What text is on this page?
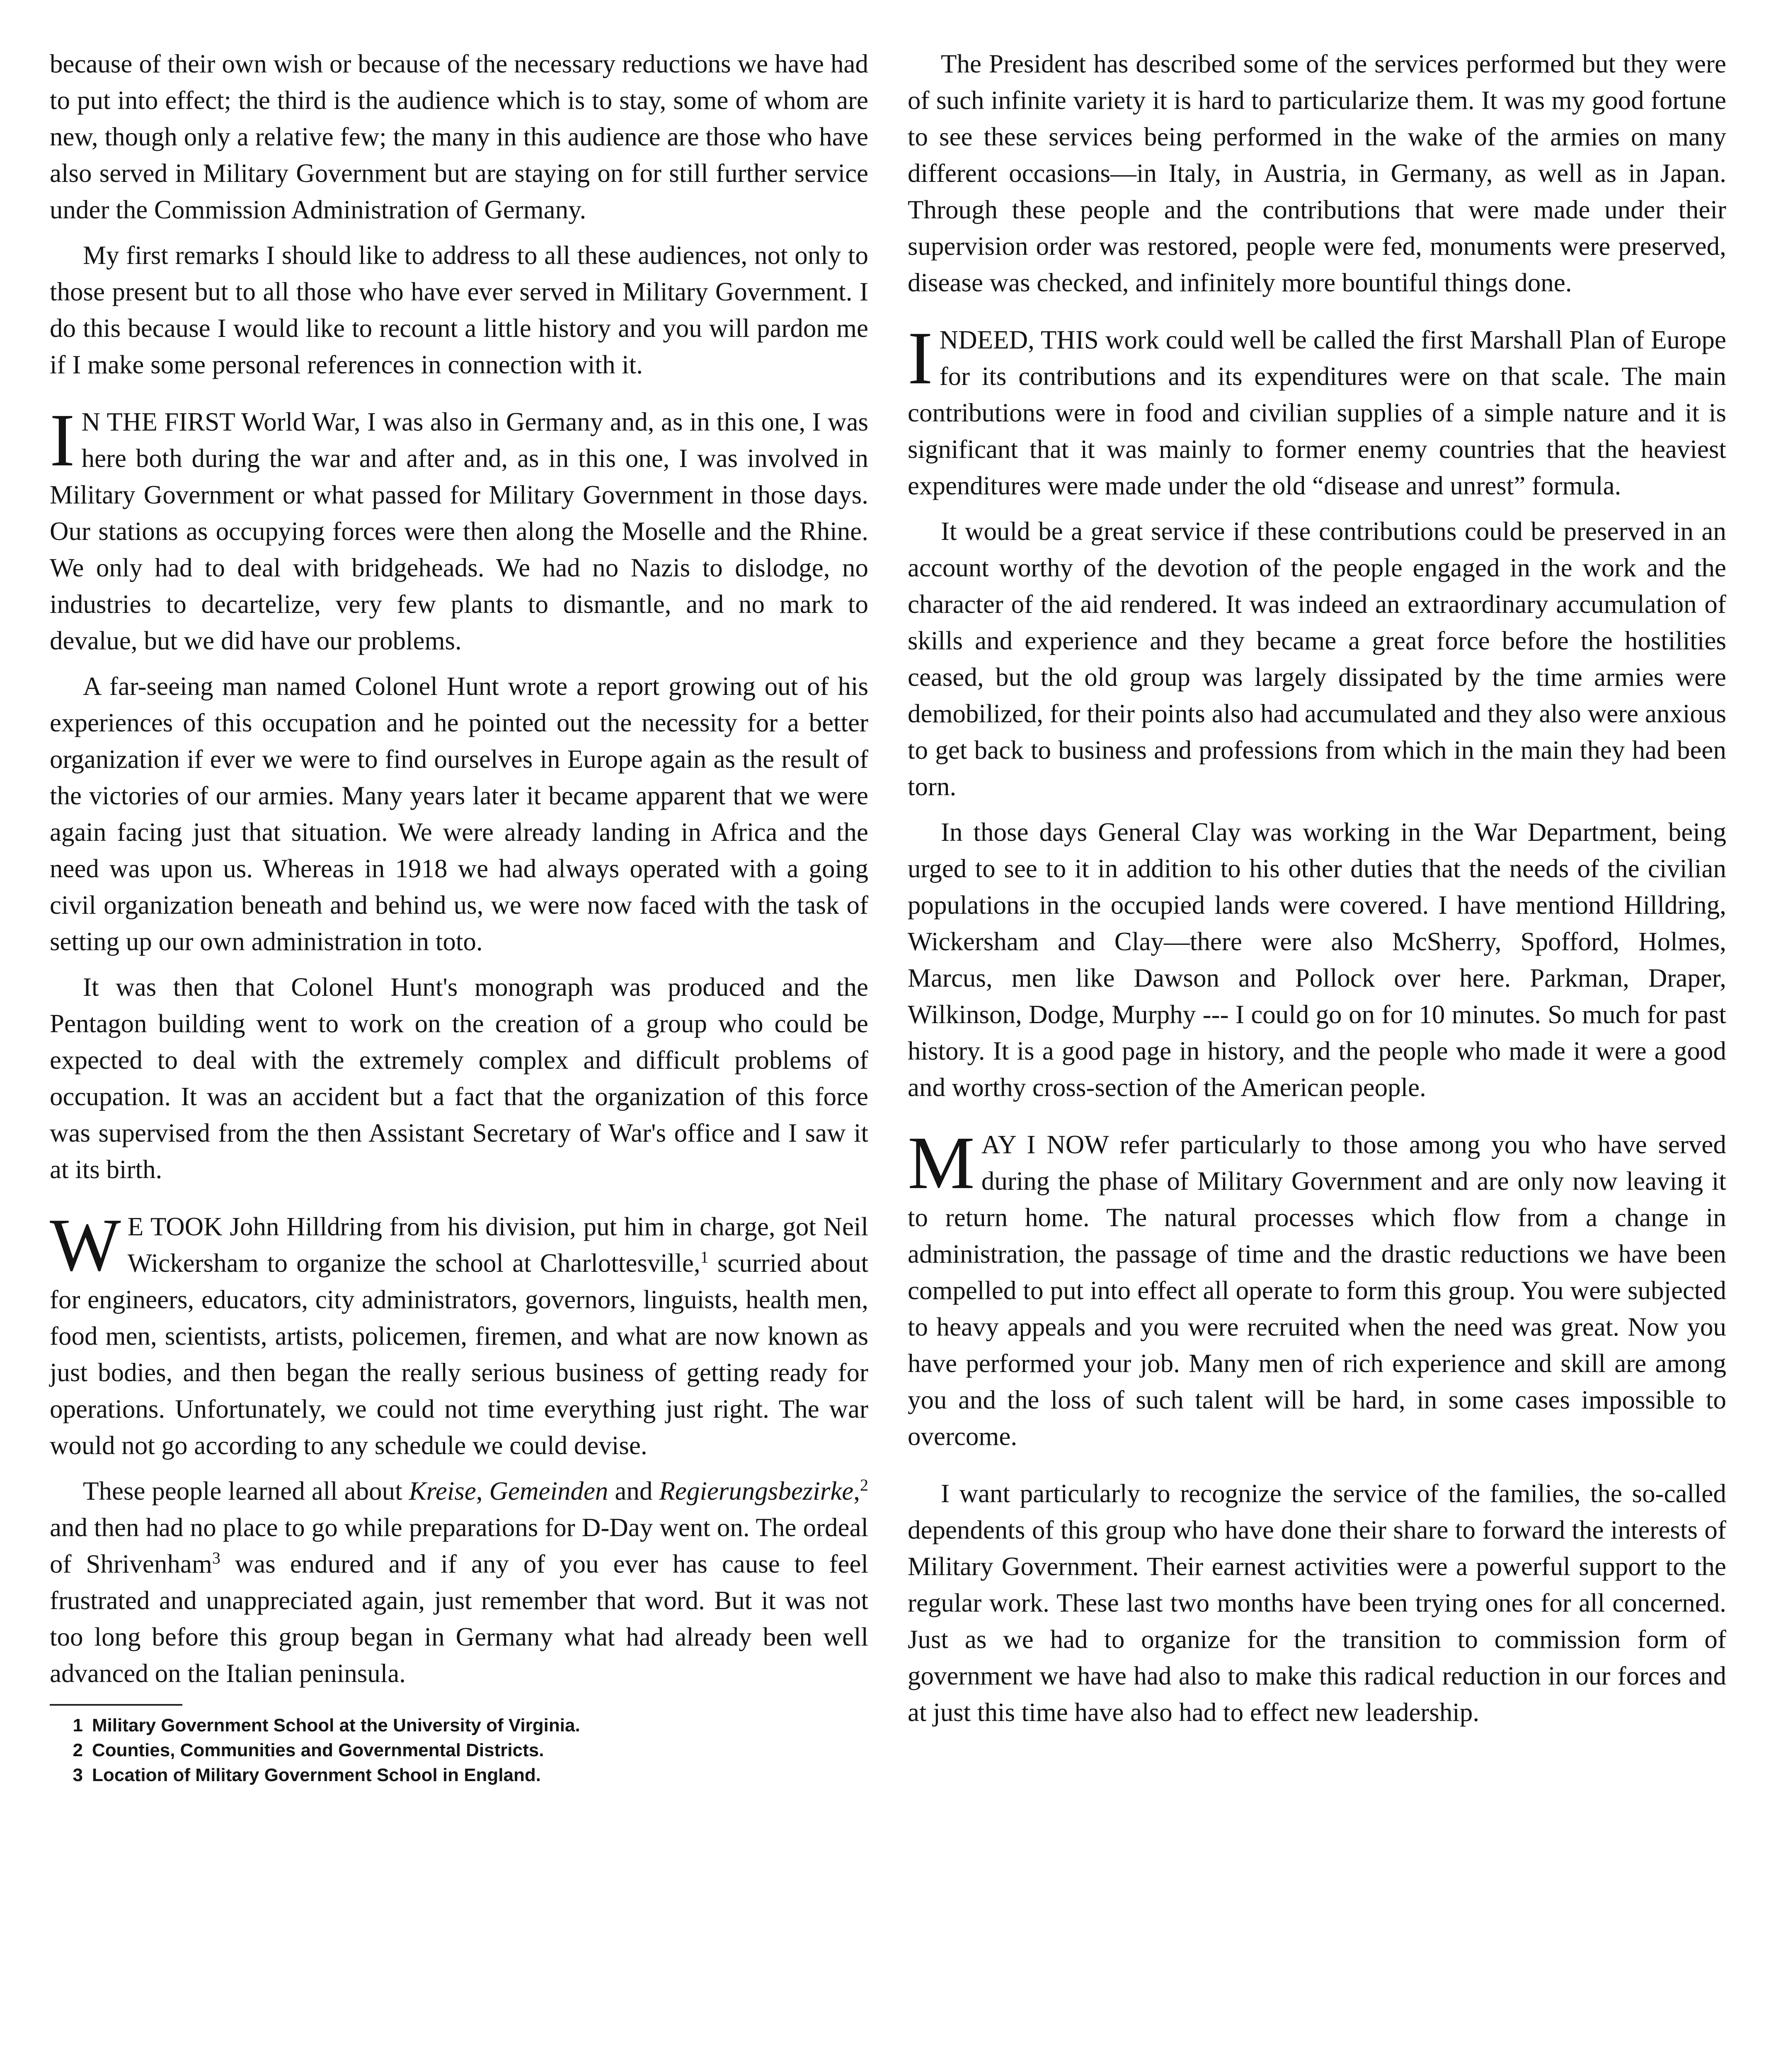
because of their own wish or because of the necessary reductions we have had to put into effect; the third is the audience which is to stay, some of whom are new, though only a relative few; the many in this audience are those who have also served in Military Government but are staying on for still further service under the Commission Administration of Germany.

My first remarks I should like to address to all these audiences, not only to those present but to all those who have ever served in Military Government. I do this because I would like to recount a little history and you will pardon me if I make some personal references in connection with it.

I N THE FIRST World War, I was also in Germany and, as in this one, I was here both during the war and after and, as in this one, I was involved in Military Government or what passed for Military Government in those days. Our stations as occupying forces were then along the Moselle and the Rhine. We only had to deal with bridgeheads. We had no Nazis to dislodge, no industries to decartelize, very few plants to dismantle, and no mark to devalue, but we did have our problems.

A far-seeing man named Colonel Hunt wrote a report growing out of his experiences of this occupation and he pointed out the necessity for a better organization if ever we were to find ourselves in Europe again as the result of the victories of our armies. Many years later it became apparent that we were again facing just that situation. We were already landing in Africa and the need was upon us. Whereas in 1918 we had always operated with a going civil organization beneath and behind us, we were now faced with the task of setting up our own administration in toto.

It was then that Colonel Hunt's monograph was produced and the Pentagon building went to work on the creation of a group who could be expected to deal with the extremely complex and difficult problems of occupation. It was an accident but a fact that the organization of this force was supervised from the then Assistant Secretary of War's office and I saw it at its birth.

W E TOOK John Hilldring from his division, put him in charge, got Neil Wickersham to organize the school at Charlottesville,$^1$ scurried about for engineers, educators, city administrators, governors, linguists, health men, food men, scientists, artists, policemen, firemen, and what are now known as just bodies, and then began the really serious business of getting ready for operations. Unfortunately, we could not time everything just right. The war would not go according to any schedule we could devise.

These people learned all about Kreise, Gemeinden and Regierungsbezirke,$^2$ and then had no place to go while preparations for D-Day went on. The ordeal of Shrivenham$^3$ was endured and if any of you ever has cause to feel frustrated and unappreciated again, just remember that word. But it was not too long before this group began in Germany what had already been well advanced on the Italian peninsula.

1 Military Government School at the University of Virginia.
2 Counties, Communities and Governmental Districts.
3 Location of Military Government School in England.

The President has described some of the services performed but they were of such infinite variety it is hard to particularize them. It was my good fortune to see these services being performed in the wake of the armies on many different occasions—in Italy, in Austria, in Germany, as well as in Japan. Through these people and the contributions that were made under their supervision order was restored, people were fed, monuments were preserved, disease was checked, and infinitely more bountiful things done.

INDEED, THIS work could well be called the first Marshall Plan of Europe for its contributions and its expenditures were on that scale. The main contributions were in food and civilian supplies of a simple nature and it is significant that it was mainly to former enemy countries that the heaviest expenditures were made under the old “disease and unrest” formula.

It would be a great service if these contributions could be preserved in an account worthy of the devotion of the people engaged in the work and the character of the aid rendered. It was indeed an extraordinary accumulation of skills and experience and they became a great force before the hostilities ceased, but the old group was largely dissipated by the time armies were demobilized, for their points also had accumulated and they also were anxious to get back to business and professions from which in the main they had been torn.

In those days General Clay was working in the War Department, being urged to see to it in addition to his other duties that the needs of the civilian populations in the occupied lands were covered. I have mentiond Hilldring, Wickersham and Clay—there were also McSherry, Spofford, Holmes, Marcus, men like Dawson and Pollock over here. Parkman, Draper, Wilkinson, Dodge, Murphy --- I could go on for 10 minutes. So much for past history. It is a good page in history, and the people who made it were a good and worthy cross-section of the American people.

MAY I NOW refer particularly to those among you who have served during the phase of Military Government and are only now leaving it to return home. The natural processes which flow from a change in administration, the passage of time and the drastic reductions we have been compelled to put into effect all operate to form this group. You were subjected to heavy appeals and you were recruited when the need was great. Now you have performed your job. Many men of rich experience and skill are among you and the loss of such talent will be hard, in some cases impossible to overcome.

I want particularly to recognize the service of the families, the so-called dependents of this group who have done their share to forward the interests of Military Government. Their earnest activities were a powerful support to the regular work. These last two months have been trying ones for all concerned. Just as we had to organize for the transition to commission form of government we have had also to make this radical reduction in our forces and at just this time have also had to effect new leadership.
